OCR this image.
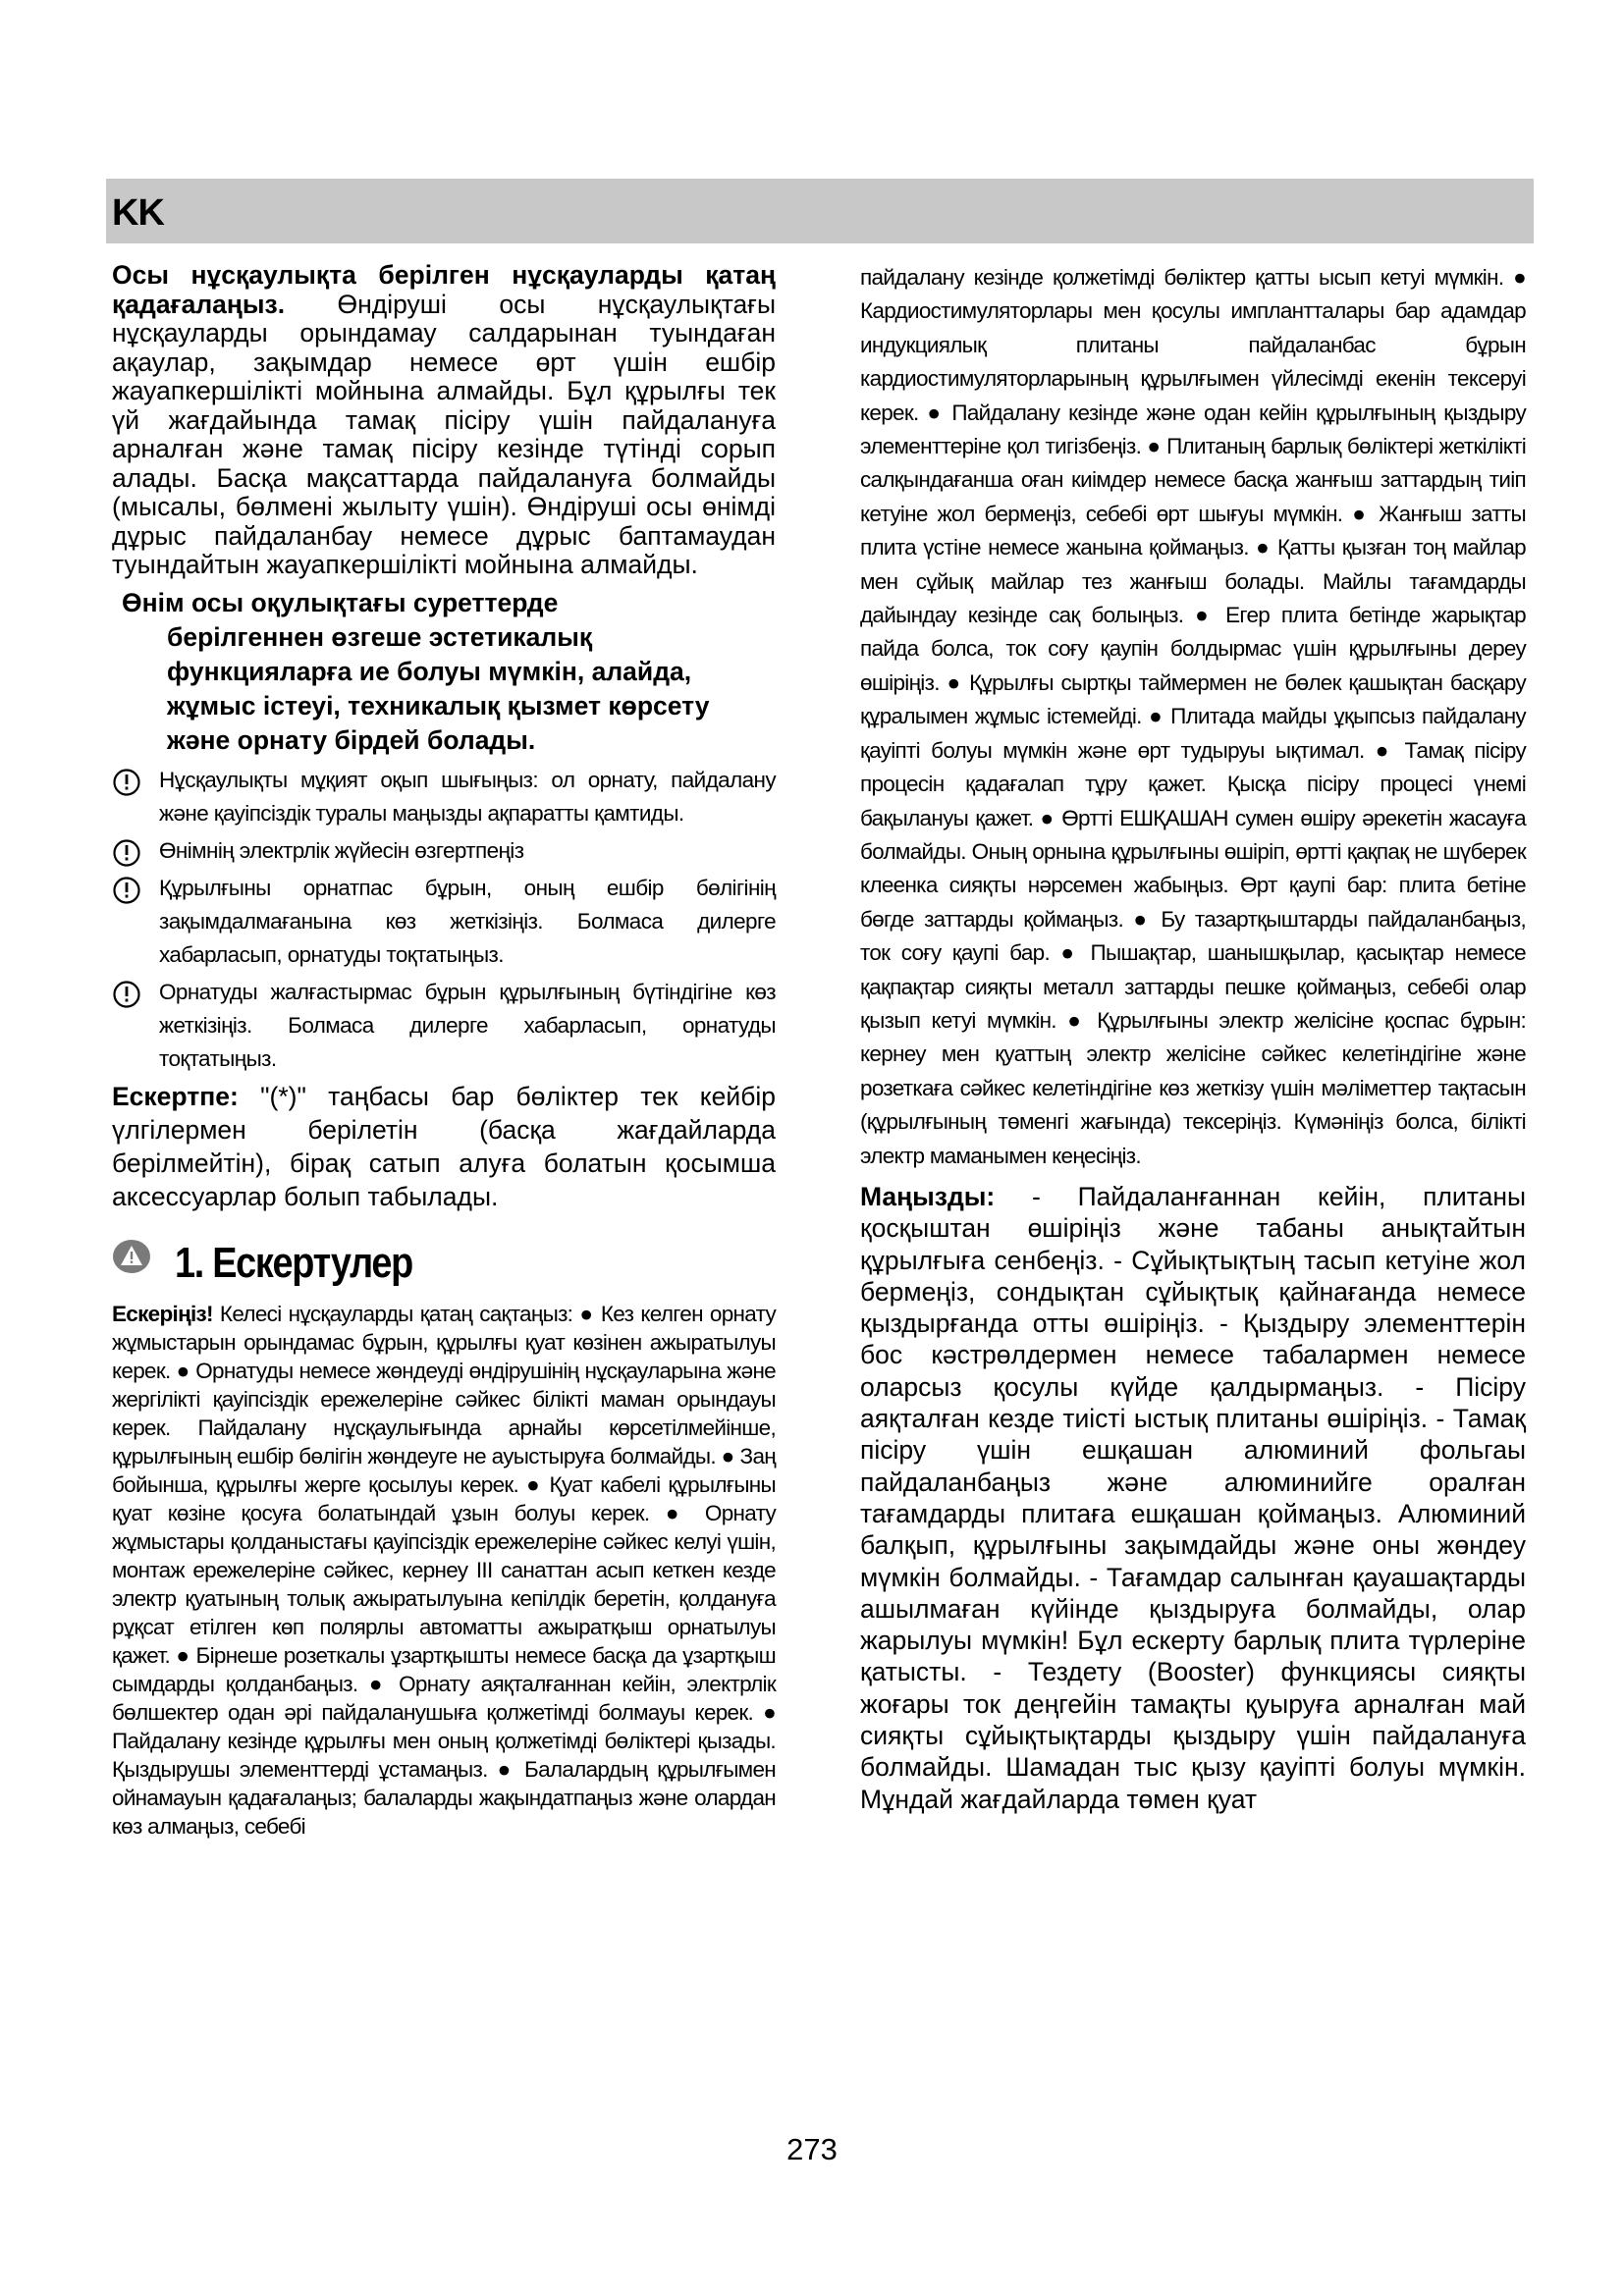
KK

Осы нұсқаулықта берілген нұсқауларды қатаң қадағалаңыз. Өндіруші осы нұсқаулықтағы нұсқауларды орындамау салдарынан туындаған ақаулар, зақымдар немесе өрт үшін ешбір жауапкершілікті мойнына алмайды. Бұл құрылғы тек үй жағдайында тамақ пісіру үшін пайдалануға арналған және тамақ пісіру кезінде түтінді сорып алады. Басқа мақсаттарда пайдалануға болмайды (мысалы, бөлмені жылыту үшін). Өндіруші осы өнімді дұрыс пайдаланбау немесе дұрыс баптамаудан туындайтын жауапкершілікті мойнына алмайды.

Өнім осы оқулықтағы суреттерде
берілгеннен өзгеше эстетикалық функцияларға ие болуы мүмкін, алайда, жұмыс істеуі, техникалық қызмет көрсету және орнату бірдей болады.
Нұсқаулықты мұқият оқып шығыңыз: ол орнату, пайдалану және қауіпсіздік туралы маңызды ақпаратты қамтиды.
Өнімнің электрлік жүйесін өзгертпеңіз
Құрылғыны орнатпас бұрын, оның ешбір бөлігінің зақымдалмағанына көз жеткізіңіз. Болмаса дилерге хабарласып, орнатуды тоқтатыңыз.
Орнатуды жалғастырмас бұрын құрылғының бүтіндігіне көз жеткізіңіз. Болмаса дилерге хабарласып, орнатуды тоқтатыңыз.

Ескертпе: "(*)" таңбасы бар бөліктер тек кейбір үлгілермен берілетін (басқа жағдайларда берілмейтін), бірақ сатып алуға болатын қосымша аксессуарлар болып табылады.

1. Ескертулер

Ескеріңіз! Келесі нұсқауларды қатаң сақтаңыз: ● Кез келген орнату жұмыстарын орындамас бұрын, құрылғы қуат көзінен ажыратылуы керек. ● Орнатуды немесе жөндеуді өндірушінің нұсқауларына және жергілікті қауіпсіздік ережелеріне сәйкес білікті маман орындауы керек. Пайдалану нұсқаулығында арнайы көрсетілмейінше, құрылғының ешбір бөлігін жөндеуге не ауыстыруға болмайды. ● Заң бойынша, құрылғы жерге қосылуы керек. ● Қуат кабелі құрылғыны қуат көзіне қосуға болатындай ұзын болуы керек. ● Орнату жұмыстары қолданыстағы қауіпсіздік ережелеріне сәйкес келуі үшін, монтаж ережелеріне сәйкес, кернеу III санаттан асып кеткен кезде электр қуатының толық ажыратылуына кепілдік беретін, қолдануға рұқсат етілген көп полярлы автоматты ажыратқыш орнатылуы қажет. ● Бірнеше розеткалы ұзартқышты немесе басқа да ұзартқыш сымдарды қолданбаңыз. ● Орнату аяқталғаннан кейін, электрлік бөлшектер одан әрі пайдаланушыға қолжетімді болмауы керек. ● Пайдалану кезінде құрылғы мен оның қолжетімді бөліктері қызады. Қыздырушы элементтерді ұстамаңыз. ● Балалардың құрылғымен ойнамауын қадағалаңыз; балаларды жақындатпаңыз және олардан көз алмаңыз, себебі

пайдалану кезінде қолжетімді бөліктер қатты ысып кетуі мүмкін. ● Кардиостимуляторлары мен қосулы имплантталары бар адамдар индукциялық плитаны пайдаланбас бұрын кардиостимуляторларының құрылғымен үйлесімді екенін тексеруі керек. ● Пайдалану кезінде және одан кейін құрылғының қыздыру элементтеріне қол тигізбеңіз. ● Плитаның барлық бөліктері жеткілікті салқындағанша оған киімдер немесе басқа жанғыш заттардың тиіп кетуіне жол бермеңіз, себебі өрт шығуы мүмкін. ● Жанғыш затты плита үстіне немесе жанына қоймаңыз. ● Қатты қызған тоң майлар мен сұйық майлар тез жанғыш болады. Майлы тағамдарды дайындау кезінде сақ болыңыз. ● Егер плита бетінде жарықтар пайда болса, ток соғу қаупін болдырмас үшін құрылғыны дереу өшіріңіз. ● Құрылғы сыртқы таймермен не бөлек қашықтан басқару құралымен жұмыс істемейді. ● Плитада майды ұқыпсыз пайдалану қауіпті болуы мүмкін және өрт тудыруы ықтимал. ● Тамақ пісіру процесін қадағалап тұру қажет. Қысқа пісіру процесі үнемі бақылануы қажет. ● Өртті ЕШҚАШАН сумен өшіру әрекетін жасауға болмайды. Оның орнына құрылғыны өшіріп, өртті қақпақ не шүберек клеенка сияқты нәрсемен жабыңыз. Өрт қаупі бар: плита бетіне бөгде заттарды қоймаңыз. ● Бу тазартқыштарды пайдаланбаңыз, ток соғу қаупі бар. ● Пышақтар, шанышқылар, қасықтар немесе қақпақтар сияқты металл заттарды пешке қоймаңыз, себебі олар қызып кетуі мүмкін. ● Құрылғыны электр желісіне қоспас бұрын: кернеу мен қуаттың электр желісіне сәйкес келетіндігіне және розеткаға сәйкес келетіндігіне көз жеткізу үшін мәліметтер тақтасын (құрылғының төменгі жағында) тексеріңіз. Күмәніңіз болса, білікті электр маманымен кеңесіңіз.

Маңызды: - Пайдаланғаннан кейін, плитаны қосқыштан өшіріңіз және табаны анықтайтын құрылғыға сенбеңіз. - Сұйықтықтың тасып кетуіне жол бермеңіз, сондықтан сұйықтық қайнағанда немесе қыздырғанда отты өшіріңіз. - Қыздыру элементтерін бос кәстрөлдермен немесе табалармен немесе оларсыз қосулы күйде қалдырмаңыз. - Пісіру аяқталған кезде тиісті ыстық плитаны өшіріңіз. - Тамақ пісіру үшін ешқашан алюминий фольгаы пайдаланбаңыз және алюминийге оралған тағамдарды плитаға ешқашан қоймаңыз. Алюминий балқып, құрылғыны зақымдайды және оны жөндеу мүмкін болмайды. - Тағамдар салынған қауашақтарды ашылмаған күйінде қыздыруға болмайды, олар жарылуы мүмкін! Бұл ескерту барлық плита түрлеріне қатысты. - Тездету (Booster) функциясы сияқты жоғары ток деңгейін тамақты қуыруға арналған май сияқты сұйықтықтарды қыздыру үшін пайдалануға болмайды. Шамадан тыс қызу қауіпті болуы мүмкін. Мұндай жағдайларда төмен қуат

273
